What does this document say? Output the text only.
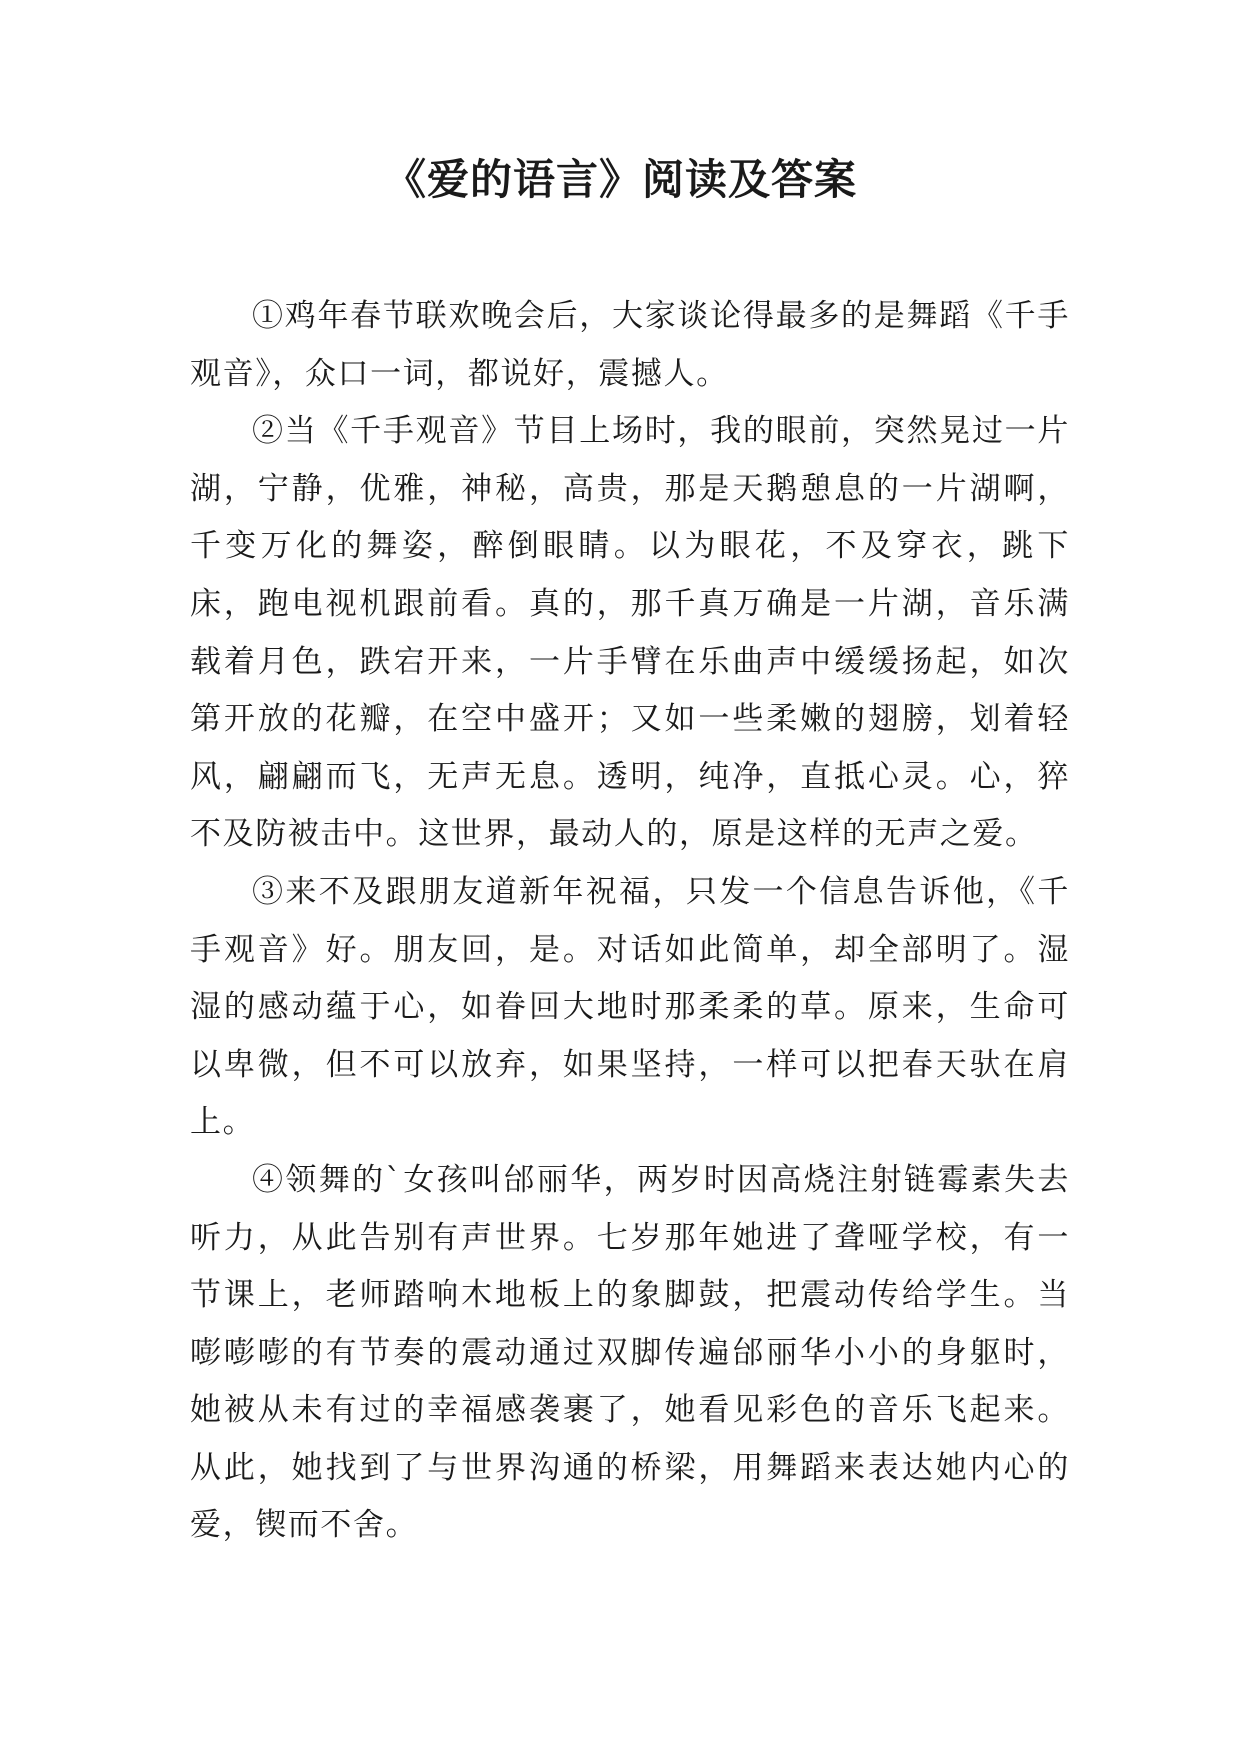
《爱的语言》阅读及答案

①鸡年春节联欢晚会后，大家谈论得最多的是舞蹈《千手观音》，众口一词，都说好，震撼人。

②当《千手观音》节目上场时，我的眼前，突然晃过一片湖，宁静，优雅，神秘，高贵，那是天鹅憩息的一片湖啊，千变万化的舞姿，醉倒眼睛。以为眼花，不及穿衣，跳下床，跑电视机跟前看。真的，那千真万确是一片湖，音乐满载着月色，跌宕开来，一片手臂在乐曲声中缓缓扬起，如次第开放的花瓣，在空中盛开；又如一些柔嫩的翅膀，划着轻风，翩翩而飞，无声无息。透明，纯净，直抵心灵。心，猝不及防被击中。这世界，最动人的，原是这样的无声之爱。

③来不及跟朋友道新年祝福，只发一个信息告诉他，《千手观音》好。朋友回，是。对话如此简单，却全部明了。湿湿的感动蕴于心，如眷回大地时那柔柔的草。原来，生命可以卑微，但不可以放弃，如果坚持，一样可以把春天驮在肩上。

④领舞的`女孩叫邰丽华，两岁时因高烧注射链霉素失去听力，从此告别有声世界。七岁那年她进了聋哑学校，有一节课上，老师踏响木地板上的象脚鼓，把震动传给学生。当嘭嘭嘭的有节奏的震动通过双脚传遍邰丽华小小的身躯时，她被从未有过的幸福感袭裹了，她看见彩色的音乐飞起来。从此，她找到了与世界沟通的桥梁，用舞蹈来表达她内心的爱，锲而不舍。
